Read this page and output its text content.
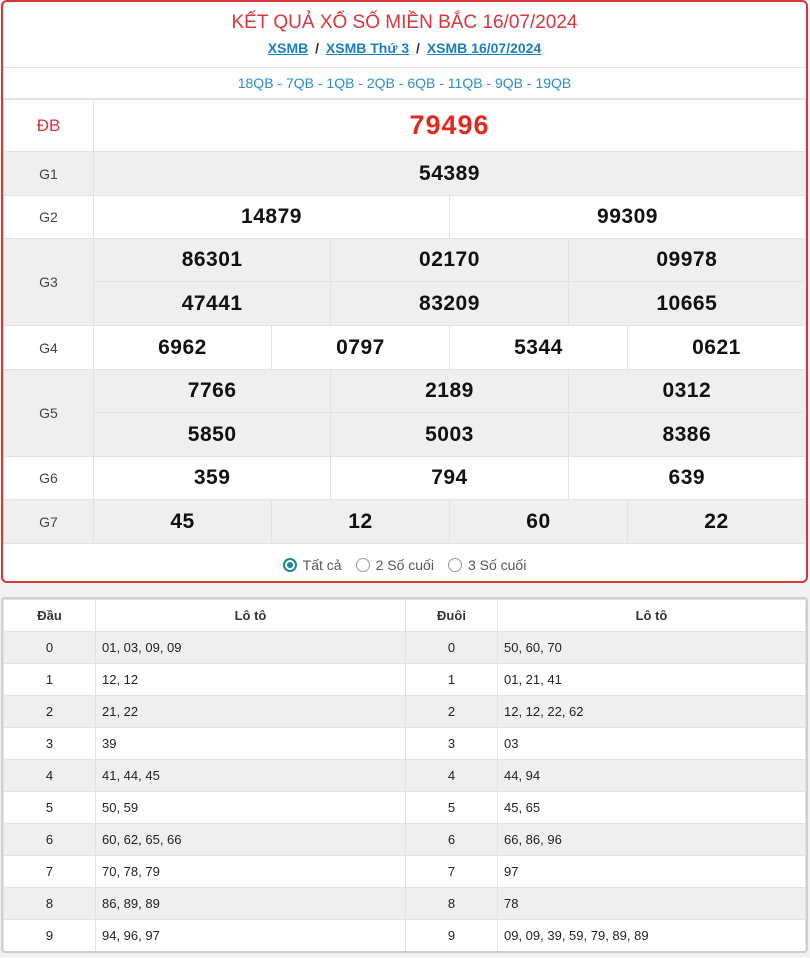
KẾT QUẢ XỔ SỐ MIỀN BẮC 16/07/2024
XSMB / XSMB Thứ 3 / XSMB 16/07/2024
18QB - 7QB - 1QB - 2QB - 6QB - 11QB - 9QB - 19QB
ĐB	79496					
G1	54389					
G2	14879			99309		
G3	86301		02170		09978	
	47441		83209		10665	
G4	6962	0797		5344		0621
G5	7766		2189		0312	
	5850		5003		8386	
G6	359		794		639	
G7	45	12		60		22
Tất cả 2 Số cuối 3 Số cuối
Đầu	Lô tô	Đuôi	Lô tô
0	01, 03, 09, 09	0	50, 60, 70
1	12, 12	1	01, 21, 41
2	21, 22	2	12, 12, 22, 62
3	39	3	03
4	41, 44, 45	4	44, 94
5	50, 59	5	45, 65
6	60, 62, 65, 66	6	66, 86, 96
7	70, 78, 79	7	97
8	86, 89, 89	8	78
9	94, 96, 97	9	09, 09, 39, 59, 79, 89, 89
